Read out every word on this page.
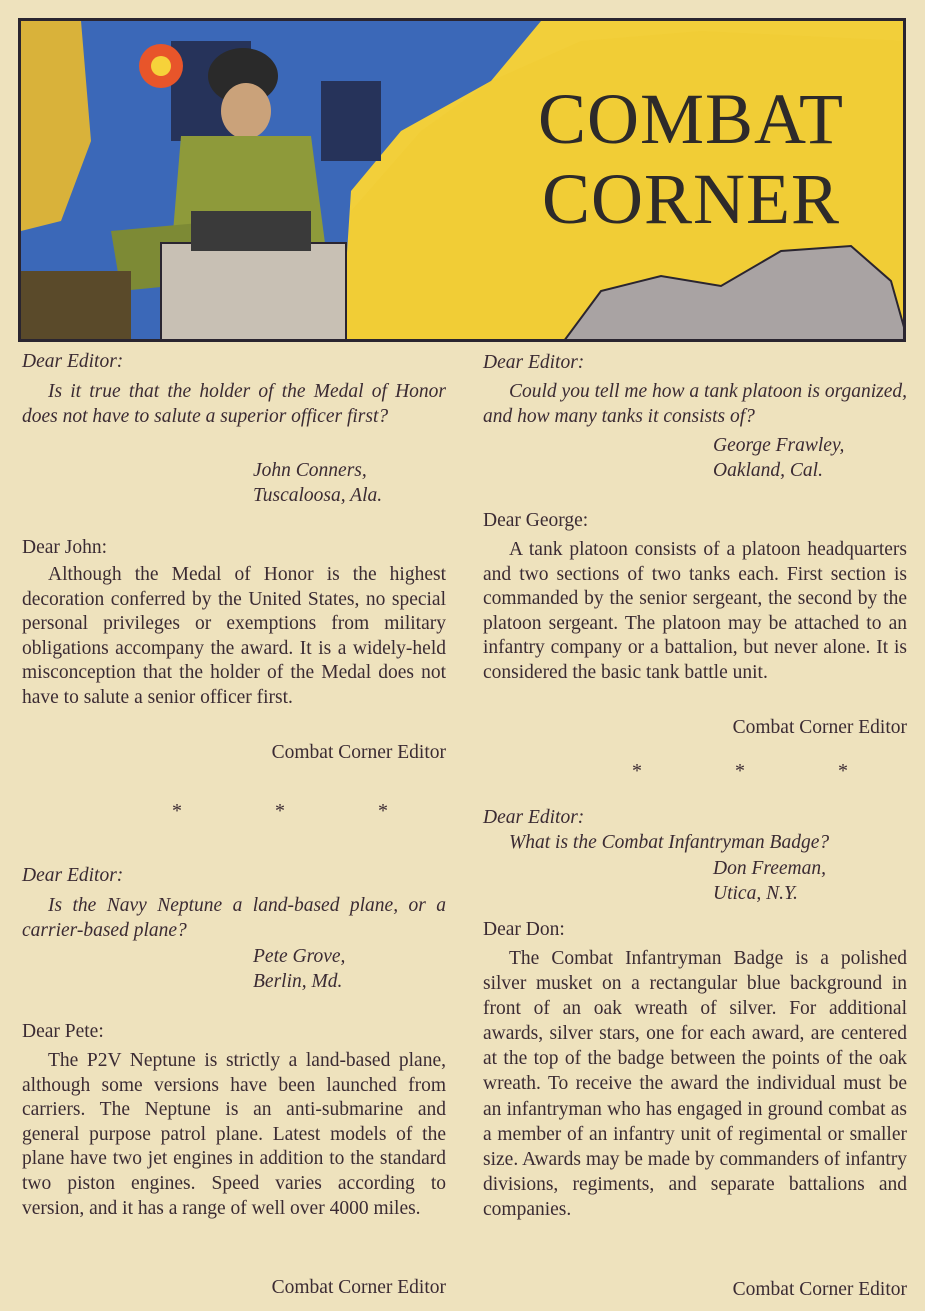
COMBAT
CORNER
Dear Editor:
Is it true that the holder of the Medal of Honor does not have to salute a superior officer first?
John Conners,
Tuscaloosa, Ala.
Dear John:
Although the Medal of Honor is the highest decoration conferred by the United States, no special personal privileges or exemptions from military obligations accompany the award. It is a widely-held misconception that the holder of the Medal does not have to salute a senior officer first.
Combat Corner Editor
* * *
Dear Editor:
Is the Navy Neptune a land-based plane, or a carrier-based plane?
Pete Grove,
Berlin, Md.
Dear Pete:
The P2V Neptune is strictly a land-based plane, although some versions have been launched from carriers. The Neptune is an anti-submarine and general purpose patrol plane. Latest models of the plane have two jet engines in addition to the standard two piston engines. Speed varies according to version, and it has a range of well over 4000 miles.
Combat Corner Editor
Dear Editor:
Could you tell me how a tank platoon is organized, and how many tanks it consists of?
George Frawley,
Oakland, Cal.
Dear George:
A tank platoon consists of a platoon headquarters and two sections of two tanks each. First section is commanded by the senior sergeant, the second by the platoon sergeant. The platoon may be attached to an infantry company or a battalion, but never alone. It is considered the basic tank battle unit.
Combat Corner Editor
* * *
Dear Editor:
What is the Combat Infantryman Badge?
Don Freeman,
Utica, N.Y.
Dear Don:
The Combat Infantryman Badge is a polished silver musket on a rectangular blue background in front of an oak wreath of silver. For additional awards, silver stars, one for each award, are centered at the top of the badge between the points of the oak wreath. To receive the award the individual must be an infantryman who has engaged in ground combat as a member of an infantry unit of regimental or smaller size. Awards may be made by commanders of infantry divisions, regiments, and separate battalions and companies.
Combat Corner Editor
